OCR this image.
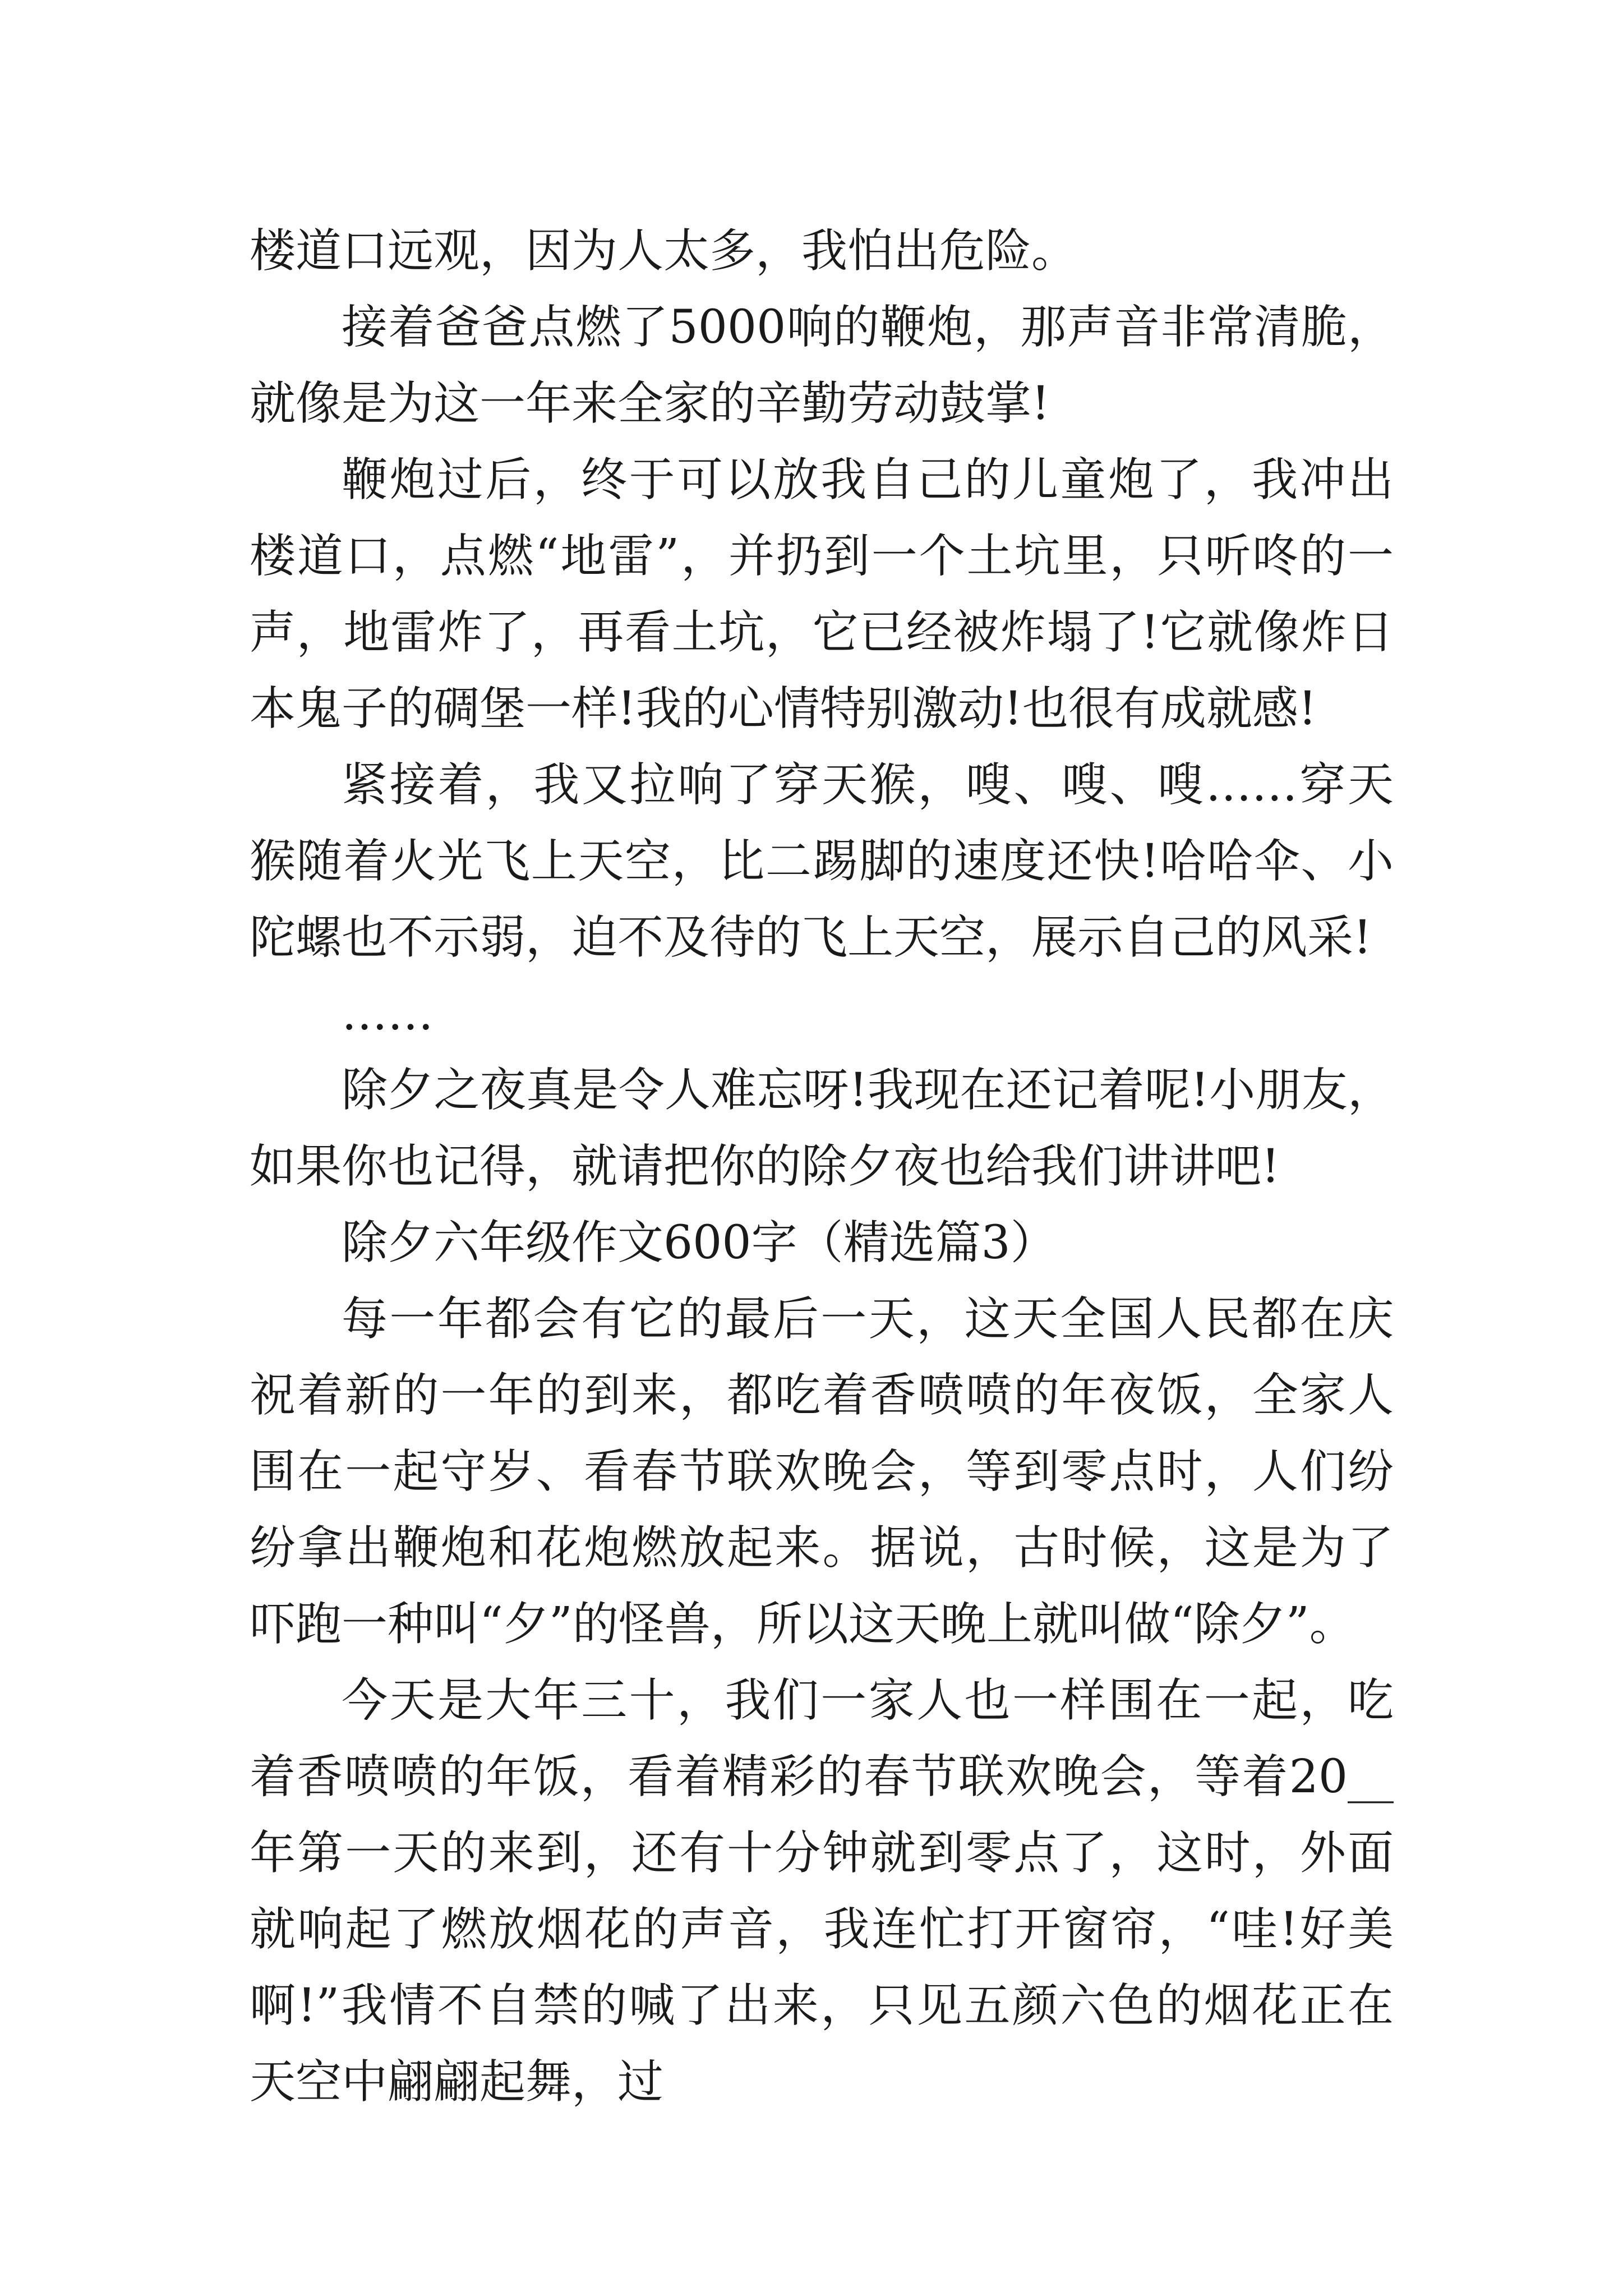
楼道口远观，因为人太多，我怕出危险。

接着爸爸点燃了5000响的鞭炮，那声音非常清脆，就像是为这一年来全家的辛勤劳动鼓掌!

鞭炮过后，终于可以放我自己的儿童炮了，我冲出楼道口，点燃“地雷”，并扔到一个土坑里，只听咚的一声，地雷炸了，再看土坑，它已经被炸塌了!它就像炸日本鬼子的碉堡一样!我的心情特别激动!也很有成就感!

紧接着，我又拉响了穿天猴，嗖、嗖、嗖……穿天猴随着火光飞上天空，比二踢脚的速度还快!哈哈伞、小陀螺也不示弱，迫不及待的飞上天空，展示自己的风采!

……

除夕之夜真是令人难忘呀!我现在还记着呢!小朋友，如果你也记得，就请把你的除夕夜也给我们讲讲吧!

除夕六年级作文600字（精选篇3）

每一年都会有它的最后一天，这天全国人民都在庆祝着新的一年的到来，都吃着香喷喷的年夜饭，全家人围在一起守岁、看春节联欢晚会，等到零点时，人们纷纷拿出鞭炮和花炮燃放起来。据说，古时候，这是为了吓跑一种叫“夕”的怪兽，所以这天晚上就叫做“除夕”。

今天是大年三十，我们一家人也一样围在一起，吃着香喷喷的年饭，看着精彩的春节联欢晚会，等着20__年第一天的来到，还有十分钟就到零点了，这时，外面就响起了燃放烟花的声音，我连忙打开窗帘，“哇!好美啊!”我情不自禁的喊了出来，只见五颜六色的烟花正在天空中翩翩起舞，过
